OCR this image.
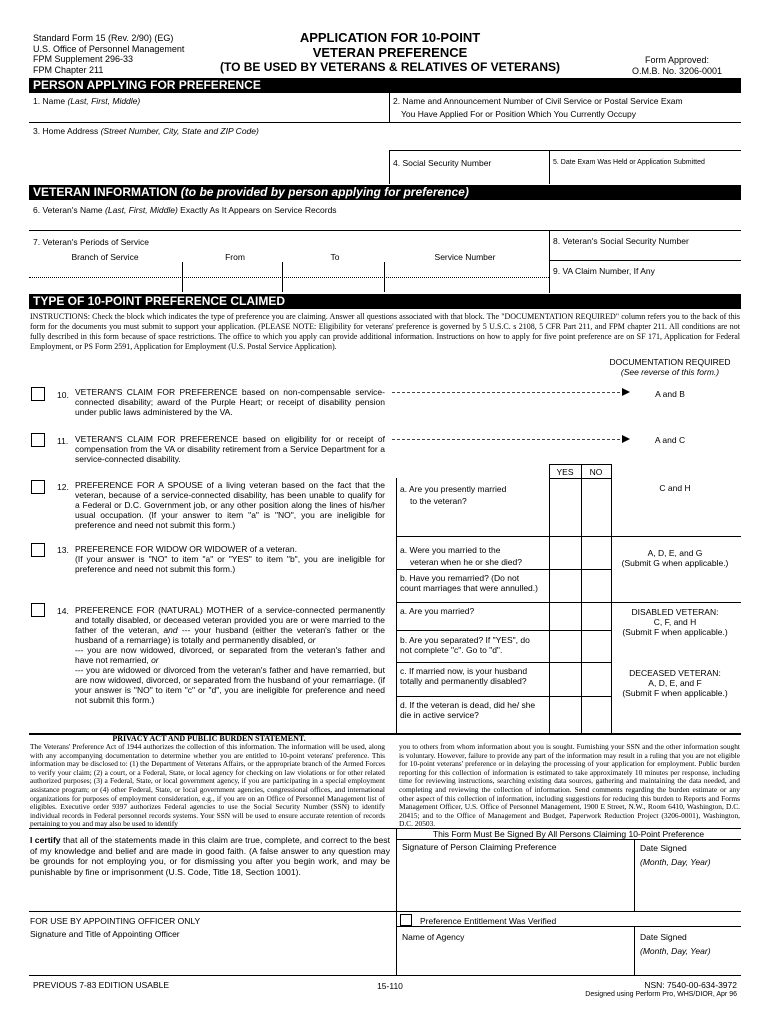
Standard Form 15 (Rev. 2/90) (EG)
U.S. Office of Personnel Management
FPM Supplement 296-33
FPM Chapter 211
APPLICATION FOR 10-POINT
VETERAN PREFERENCE
(TO BE USED BY VETERANS & RELATIVES OF VETERANS)	Form Approved:
O.M.B. No. 3206-0001
PERSON APPLYING FOR PREFERENCE
1. Name (Last, First, Middle)	2. Name and Announcement Number of Civil Service or Postal Service Exam
You Have Applied For or Position Which You Currently Occupy
3. Home Address (Street Number, City, State and ZIP Code)
4. Social Security Number	5. Date Exam Was Held or Application Submitted
VETERAN INFORMATION (to be provided by person applying for preference)
6. Veteran's Name (Last, First, Middle) Exactly As It Appears on Service Records
7. Veteran's Periods of Service
Branch of Service	From	To	Service Number
8. Veteran's Social Security Number
9. VA Claim Number, If Any
TYPE OF 10-POINT PREFERENCE CLAIMED
INSTRUCTIONS: Check the block which indicates the type of preference you are claiming. Answer all questions associated with that block. The "DOCUMENTATION REQUIRED" column refers you to the back of this form for the documents you must submit to support your application. (PLEASE NOTE: Eligibility for veterans' preference is governed by 5 U.S.C. s 2108, 5 CFR Part 211, and FPM chapter 211. All conditions are not fully described in this form because of space restrictions. The office to which you apply can provide additional information. Instructions on how to apply for five point preference are on SF 171, Application for Federal Employment, or PS Form 2591, Application for Employment (U.S. Postal Service Application).
DOCUMENTATION REQUIRED
(See reverse of this form.)
10. VETERAN'S CLAIM FOR PREFERENCE based on non-compensable service-connected disability; award of the Purple Heart; or receipt of disability pension under public laws administered by the VA.
A and B
11. VETERAN'S CLAIM FOR PREFERENCE based on eligibility for or receipt of compensation from the VA or disability retirement from a Service Department for a service-connected disability.
A and C
YES	NO
12. PREFERENCE FOR A SPOUSE of a living veteran based on the fact that the veteran, because of a service-connected disability, has been unable to qualify for a Federal or D.C. Government job, or any other position along the lines of his/her usual occupation. (If your answer to item "a" is "NO", you are ineligible for preference and need not submit this form.)
a. Are you presently married
to the veteran?
C and H
13. PREFERENCE FOR WIDOW OR WIDOWER of a veteran.
(If your answer is "NO" to item "a" or "YES" to item "b", you are ineligible for preference and need not submit this form.)
a. Were you married to the
veteran when he or she died?
b. Have you remarried? (Do not count marriages that were annulled.)
A, D, E, and G
(Submit G when applicable.)
14. PREFERENCE FOR (NATURAL) MOTHER of a service-connected permanently and totally disabled, or deceased veteran provided you are or were married to the father of the veteran, and --- your husband (either the veteran's father or the husband of a remarriage) is totally and permanently disabled, or
--- you are now widowed, divorced, or separated from the veteran's father and have not remarried, or
--- you are widowed or divorced from the veteran's father and have remarried, but are now widowed, divorced, or separated from the husband of your remarriage. (if your answer is "NO" to item "c" or "d", you are ineligible for preference and need not submit this form.)
a. Are you married?
b. Are you separated? If "YES", do not complete "c". Go to "d".
c. If married now, is your husband totally and permanently disabled?
d. If the veteran is dead, did he/ she die in active service?
DISABLED VETERAN:
C, F, and H
(Submit F when applicable.)
DECEASED VETERAN:
A, D, E, and F
(Submit F when applicable.)
PRIVACY ACT AND PUBLIC BURDEN STATEMENT.
The Veterans' Preference Act of 1944 authorizes the collection of this information. The information will be used, along with any accompanying documentation to determine whether you are entitled to 10-point veterans' preference. This information may be disclosed to: (1) the Department of Veterans Affairs, or the appropriate branch of the Armed Forces to verify your claim; (2) a court, or a Federal, State, or local agency for checking on law violations or for other related authorized purposes; (3) a Federal, State, or local government agency, if you are participating in a special employment assistance program; or (4) other Federal, State, or local government agencies, congressional offices, and international organizations for purposes of employment consideration, e.g., if you are on an Office of Personnel Management list of eligibles. Executive order 9397 authorizes Federal agencies to use the Social Security Number (SSN) to identify individual records in Federal personnel records systems. Your SSN will be used to ensure accurate retention of records pertaining to you and may also be used to identify
you to others from whom information about you is sought. Furnishing your SSN and the other information sought is voluntary. However, failure to provide any part of the information may result in a ruling that you are not eligible for 10-point veterans' preference or in delaying the processing of your application for employment. Public burden reporting for this collection of information is estimated to take approximately 10 minutes per response, including time for reviewing instructions, searching existing data sources, gathering and maintaining the data needed, and completing and reviewing the collection of information. Send comments regarding the burden estimate or any other aspect of this collection of information, including suggestions for reducing this burden to Reports and Forms Management Officer, U.S. Office of Personnel Management, 1900 E Street, N.W., Room 6410, Washington, D.C. 20415; and to the Office of Management and Budget, Paperwork Reduction Project (3206-0001), Washington, D.C. 20503.
This Form Must Be Signed By All Persons Claiming 10-Point Preference
I certify that all of the statements made in this claim are true, complete, and correct to the best of my knowledge and belief and are made in good faith. (A false answer to any question may be grounds for not employing you, or for dismissing you after you begin work, and may be punishable by fine or imprisonment (U.S. Code, Title 18, Section 1001).
Signature of Person Claiming Preference	Date Signed
(Month, Day, Year)
FOR USE BY APPOINTING OFFICER ONLY
Signature and Title of Appointing Officer
Preference Entitlement Was Verified
Name of Agency	Date Signed
(Month, Day, Year)
PREVIOUS 7-83 EDITION USABLE	15-110	NSN: 7540-00-634-3972
Designed using Perform Pro, WHS/DIOR, Apr 96
